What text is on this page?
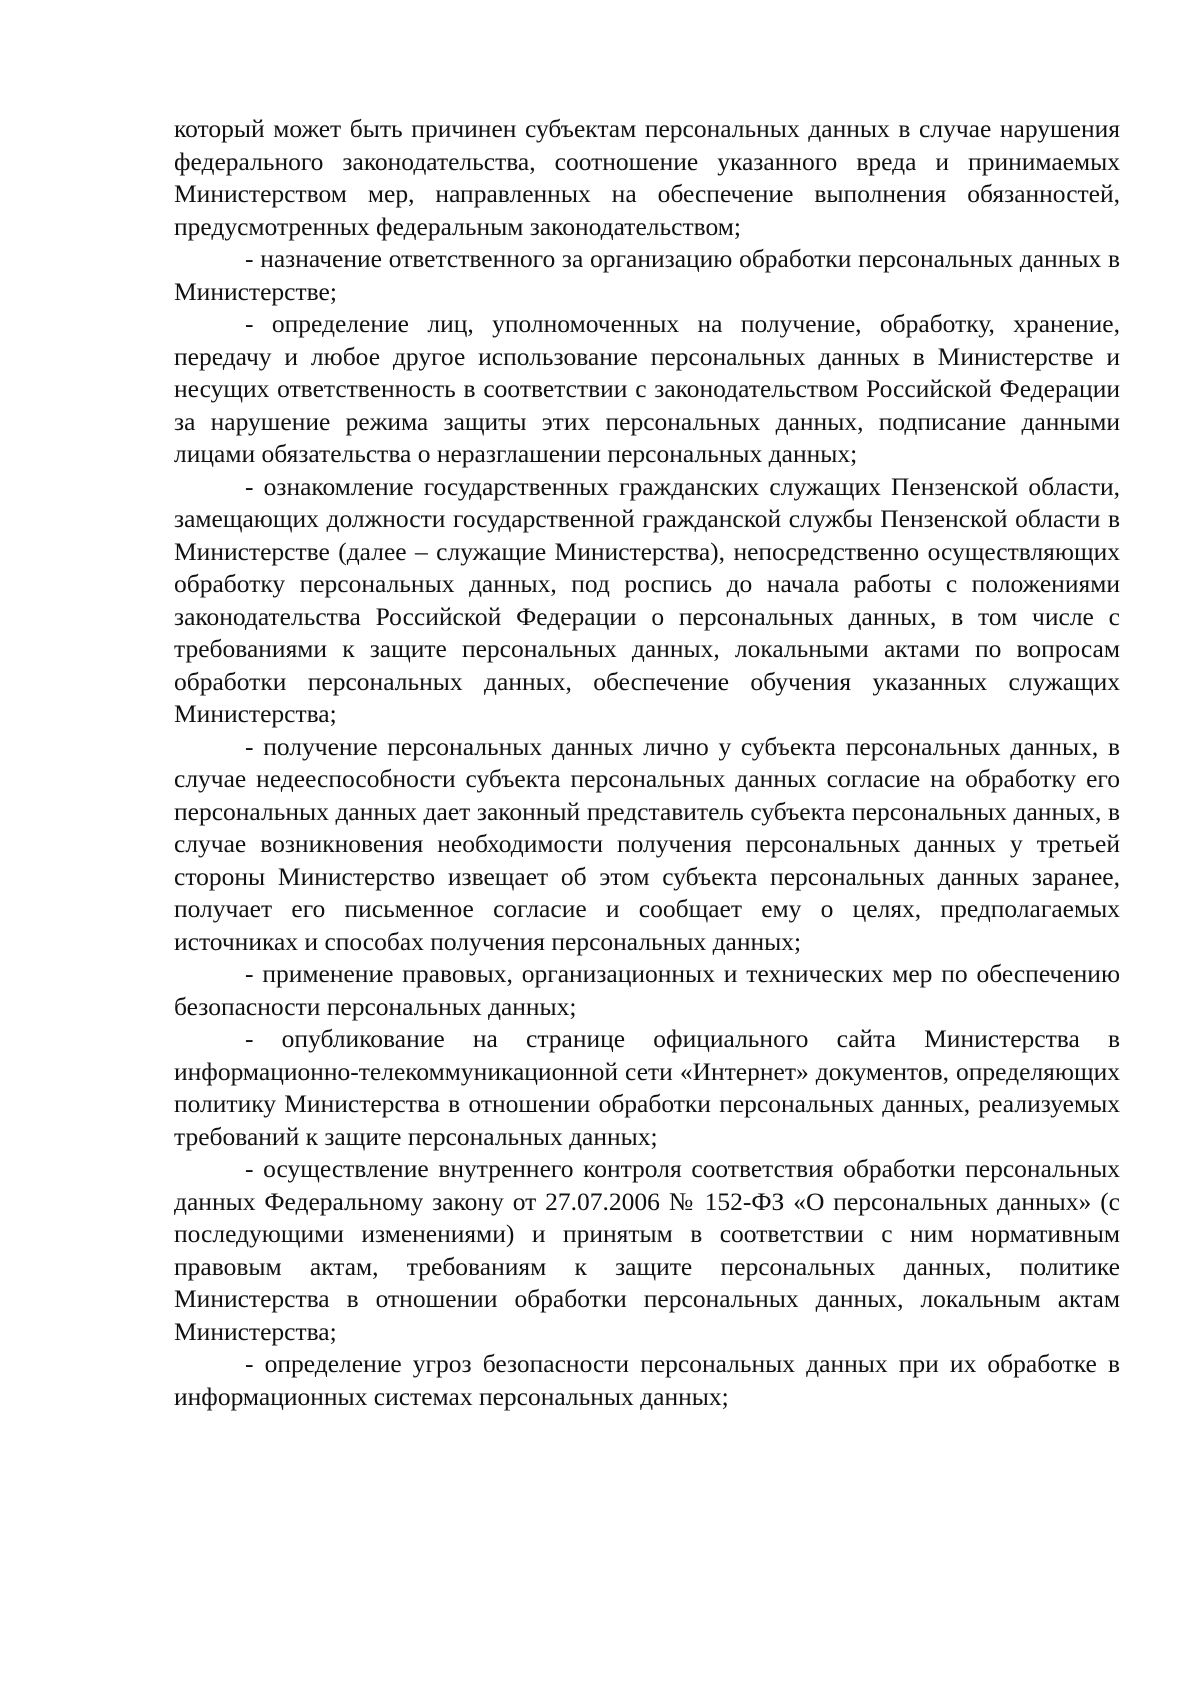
который может быть причинен субъектам персональных данных в случае нарушения федерального законодательства, соотношение указанного вреда и принимаемых Министерством мер, направленных на обеспечение выполнения обязанностей, предусмотренных федеральным законодательством;

- назначение ответственного за организацию обработки персональных данных в Министерстве;

- определение лиц, уполномоченных на получение, обработку, хранение, передачу и любое другое использование персональных данных в Министерстве и несущих ответственность в соответствии с законодательством Российской Федерации за нарушение режима защиты этих персональных данных, подписание данными лицами обязательства о неразглашении персональных данных;

- ознакомление государственных гражданских служащих Пензенской области, замещающих должности государственной гражданской службы Пензенской области в Министерстве (далее – служащие Министерства), непосредственно осуществляющих обработку персональных данных, под роспись до начала работы с положениями законодательства Российской Федерации о персональных данных, в том числе с требованиями к защите персональных данных, локальными актами по вопросам обработки персональных данных, обеспечение обучения указанных служащих Министерства;

- получение персональных данных лично у субъекта персональных данных, в случае недееспособности субъекта персональных данных согласие на обработку его персональных данных дает законный представитель субъекта персональных данных, в случае возникновения необходимости получения персональных данных у третьей стороны Министерство извещает об этом субъекта персональных данных заранее, получает его письменное согласие и сообщает ему о целях, предполагаемых источниках и способах получения персональных данных;

- применение правовых, организационных и технических мер по обеспечению безопасности персональных данных;

- опубликование на странице официального сайта Министерства в информационно-телекоммуникационной сети «Интернет» документов, определяющих политику Министерства в отношении обработки персональных данных, реализуемых требований к защите персональных данных;

- осуществление внутреннего контроля соответствия обработки персональных данных Федеральному закону от 27.07.2006 № 152-ФЗ «О персональных данных» (с последующими изменениями) и принятым в соответствии с ним нормативным правовым актам, требованиям к защите персональных данных, политике Министерства в отношении обработки персональных данных, локальным актам Министерства;

- определение угроз безопасности персональных данных при их обработке в информационных системах персональных данных;
